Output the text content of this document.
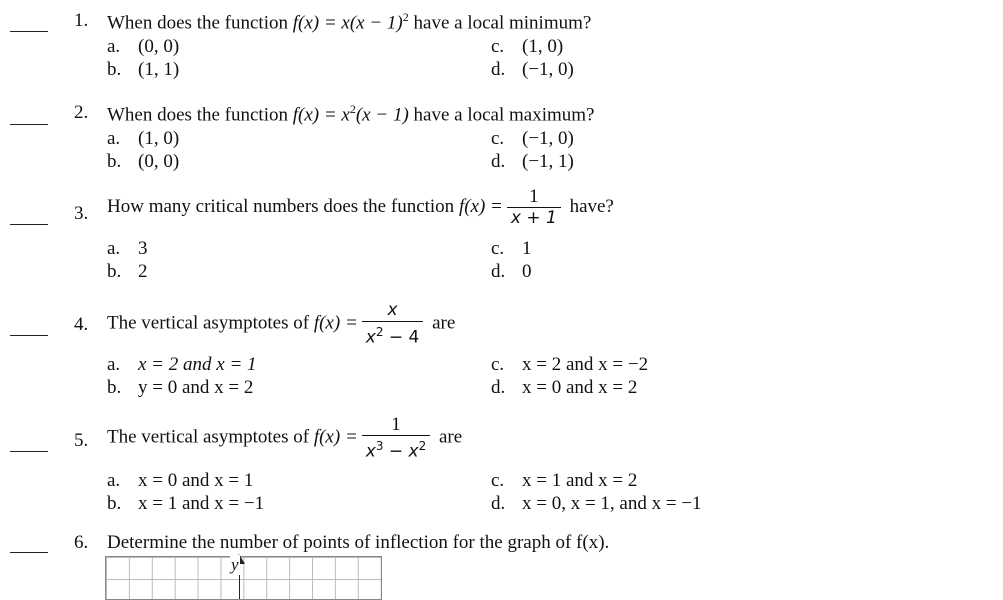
1. When does the function $f(x) = x(x - 1)^2$ have a local minimum?
a. (0, 0)
b. (1, 1)
c. (1, 0)
d. (−1, 0)
2. When does the function $f(x) = x^2(x - 1)$ have a local maximum?
a. (1, 0)
b. (0, 0)
c. (−1, 0)
d. (−1, 1)
3. How many critical numbers does the function $f(x) = \frac{1}{x + 1}$ have?
a. 3
b. 2
c. 1
d. 0
4. The vertical asymptotes of $f(x) = \frac{x}{x^2 - 4}$ are
a. x = 2 and x = 1
b. y = 0 and x = 2
c. x = 2 and x = −2
d. x = 0 and x = 2
5. The vertical asymptotes of $f(x) = \frac{1}{x^3 - x^2}$ are
a. x = 0 and x = 1
b. x = 1 and x = −1
c. x = 1 and x = 2
d. x = 0, x = 1, and x = −1
6. Determine the number of points of inflection for the graph of f(x).
y
